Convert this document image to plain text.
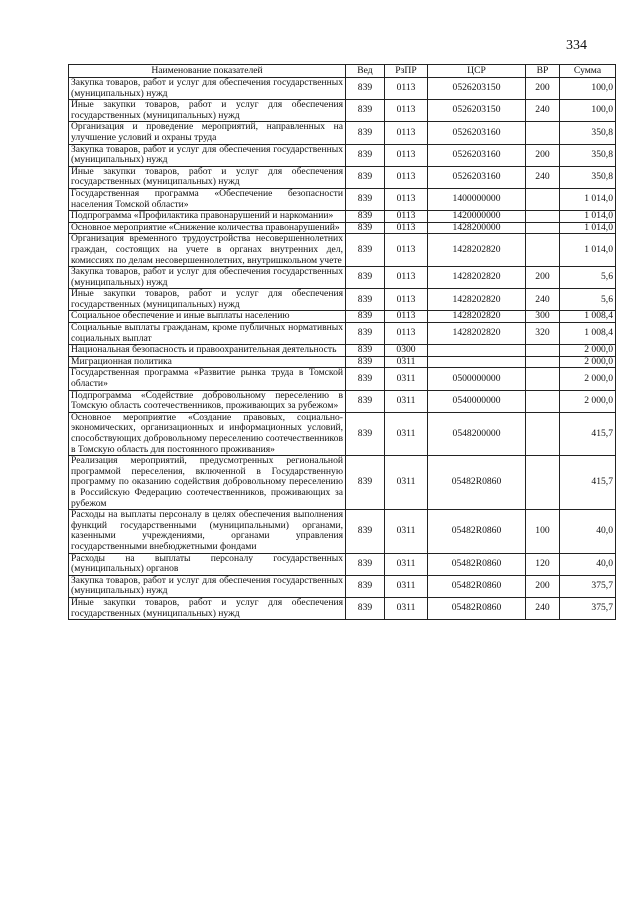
334
Наименование показателей	Вед	РзПР	ЦСР	ВР	Сумма
Закупка товаров, работ и услуг для обеспечения государственных (муниципальных) нужд	839	0113	0526203150	200	100,0
Иные закупки товаров, работ и услуг для обеспечения государственных (муниципальных) нужд	839	0113	0526203150	240	100,0
Организация и проведение мероприятий, направленных на улучшение условий и охраны труда	839	0113	0526203160		350,8
Закупка товаров, работ и услуг для обеспечения государственных (муниципальных) нужд	839	0113	0526203160	200	350,8
Иные закупки товаров, работ и услуг для обеспечения государственных (муниципальных) нужд	839	0113	0526203160	240	350,8
Государственная программа «Обеспечение безопасности населения Томской области»	839	0113	1400000000		1 014,0
Подпрограмма «Профилактика правонарушений и наркомании»	839	0113	1420000000		1 014,0
Основное мероприятие «Снижение количества правонарушений»	839	0113	1428200000		1 014,0
Организация временного трудоустройства несовершеннолетних граждан, состоящих на учете в органах внутренних дел, комиссиях по делам несовершеннолетних, внутришкольном учете	839	0113	1428202820		1 014,0
Закупка товаров, работ и услуг для обеспечения государственных (муниципальных) нужд	839	0113	1428202820	200	5,6
Иные закупки товаров, работ и услуг для обеспечения государственных (муниципальных) нужд	839	0113	1428202820	240	5,6
Социальное обеспечение и иные выплаты населению	839	0113	1428202820	300	1 008,4
Социальные выплаты гражданам, кроме публичных нормативных социальных выплат	839	0113	1428202820	320	1 008,4
Национальная безопасность и правоохранительная деятельность	839	0300			2 000,0
Миграционная политика	839	0311			2 000,0
Государственная программа «Развитие рынка труда в Томской области»	839	0311	0500000000		2 000,0
Подпрограмма «Содействие добровольному переселению в Томскую область соотечественников, проживающих за рубежом»	839	0311	0540000000		2 000,0
Основное мероприятие «Создание правовых, социально-экономических, организационных и информационных условий, способствующих добровольному переселению соотечественников в Томскую область для постоянного проживания»	839	0311	0548200000		415,7
Реализация мероприятий, предусмотренных региональной программой переселения, включенной в Государственную программу по оказанию содействия добровольному переселению в Российскую Федерацию соотечественников, проживающих за рубежом	839	0311	05482R0860		415,7
Расходы на выплаты персоналу в целях обеспечения выполнения функций государственными (муниципальными) органами, казенными учреждениями, органами управления государственными внебюджетными фондами	839	0311	05482R0860	100	40,0
Расходы на выплаты персоналу государственных (муниципальных) органов	839	0311	05482R0860	120	40,0
Закупка товаров, работ и услуг для обеспечения государственных (муниципальных) нужд	839	0311	05482R0860	200	375,7
Иные закупки товаров, работ и услуг для обеспечения государственных (муниципальных) нужд	839	0311	05482R0860	240	375,7
